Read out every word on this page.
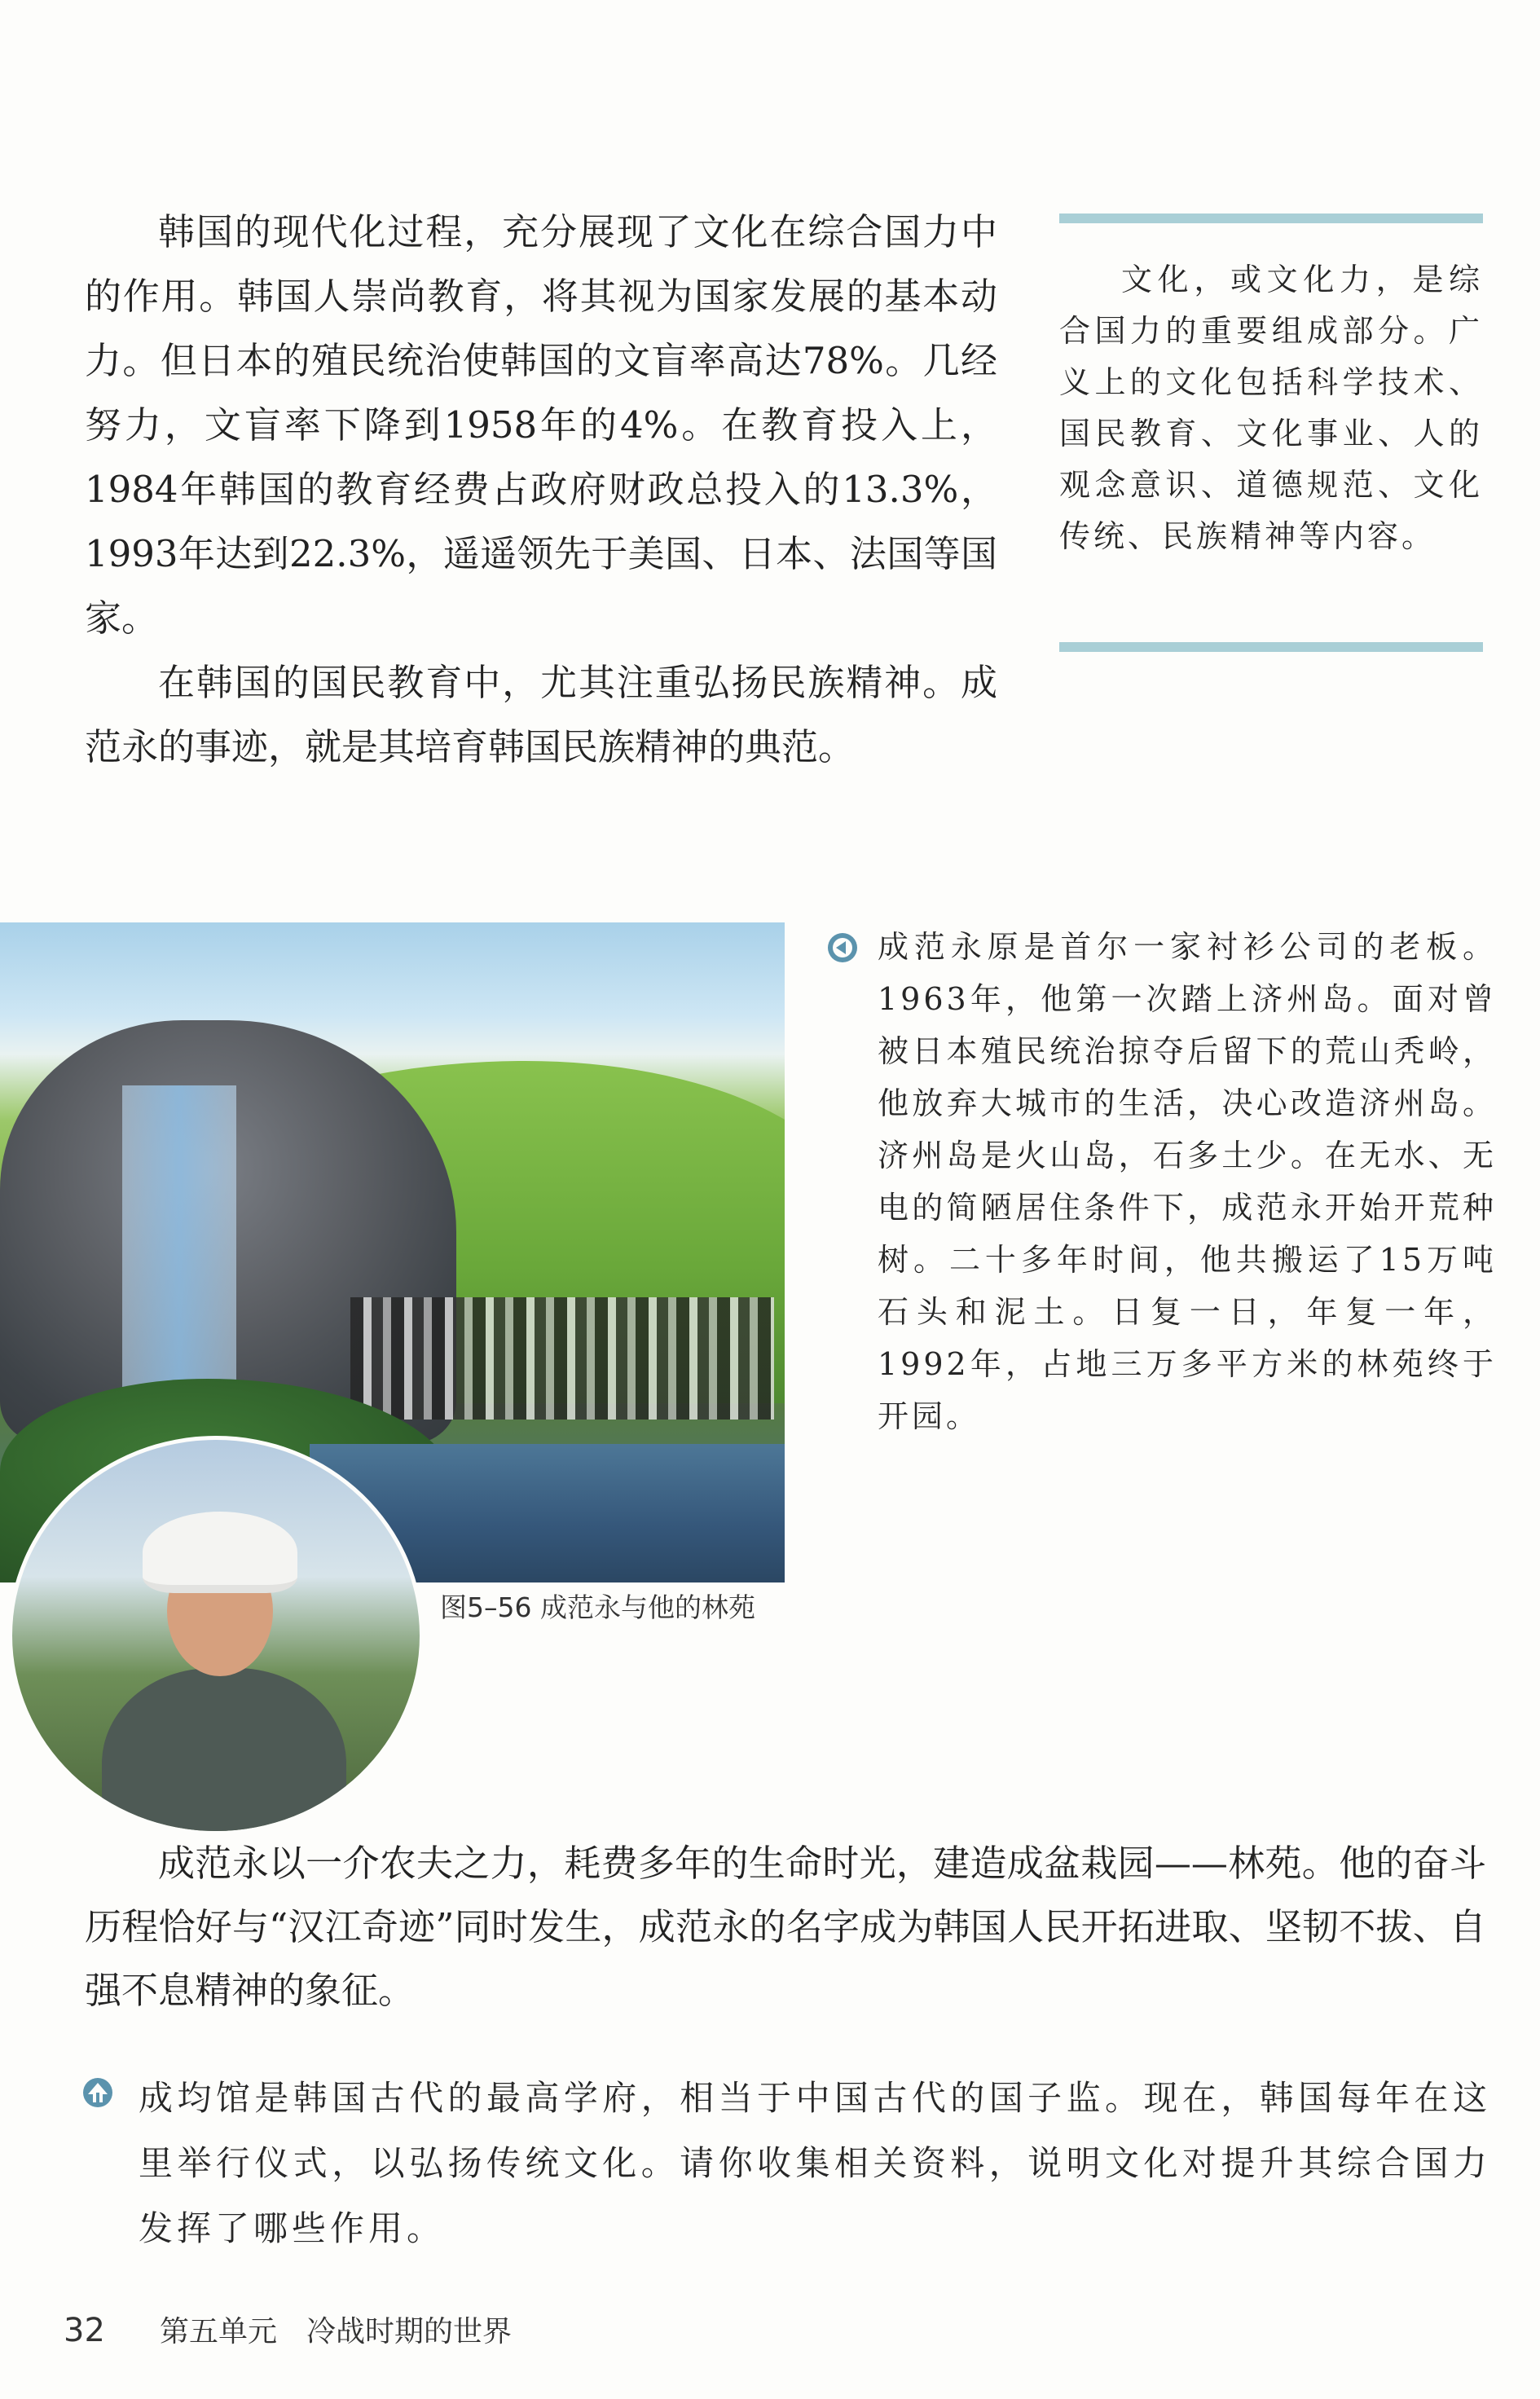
韩国的现代化过程，充分展现了文化在综合国力中的作用。韩国人崇尚教育，将其视为国家发展的基本动力。但日本的殖民统治使韩国的文盲率高达78%。几经努力，文盲率下降到1958年的4%。在教育投入上，1984年韩国的教育经费占政府财政总投入的13.3%，1993年达到22.3%，遥遥领先于美国、日本、法国等国家。

在韩国的国民教育中，尤其注重弘扬民族精神。成范永的事迹，就是其培育韩国民族精神的典范。

文化，或文化力，是综合国力的重要组成部分。广义上的文化包括科学技术、国民教育、文化事业、人的观念意识、道德规范、文化传统、民族精神等内容。
图5–56 成范永与他的林苑
成范永原是首尔一家衬衫公司的老板。1963年，他第一次踏上济州岛。面对曾被日本殖民统治掠夺后留下的荒山秃岭，他放弃大城市的生活，决心改造济州岛。济州岛是火山岛，石多土少。在无水、无电的简陋居住条件下，成范永开始开荒种树。二十多年时间，他共搬运了15万吨石头和泥土。日复一日，年复一年，1992年，占地三万多平方米的林苑终于开园。
成范永以一介农夫之力，耗费多年的生命时光，建造成盆栽园——林苑。他的奋斗历程恰好与“汉江奇迹”同时发生，成范永的名字成为韩国人民开拓进取、坚韧不拔、自强不息精神的象征。
成均馆是韩国古代的最高学府，相当于中国古代的国子监。现在，韩国每年在这里举行仪式，以弘扬传统文化。请你收集相关资料，说明文化对提升其综合国力发挥了哪些作用。
32 第五单元 冷战时期的世界
